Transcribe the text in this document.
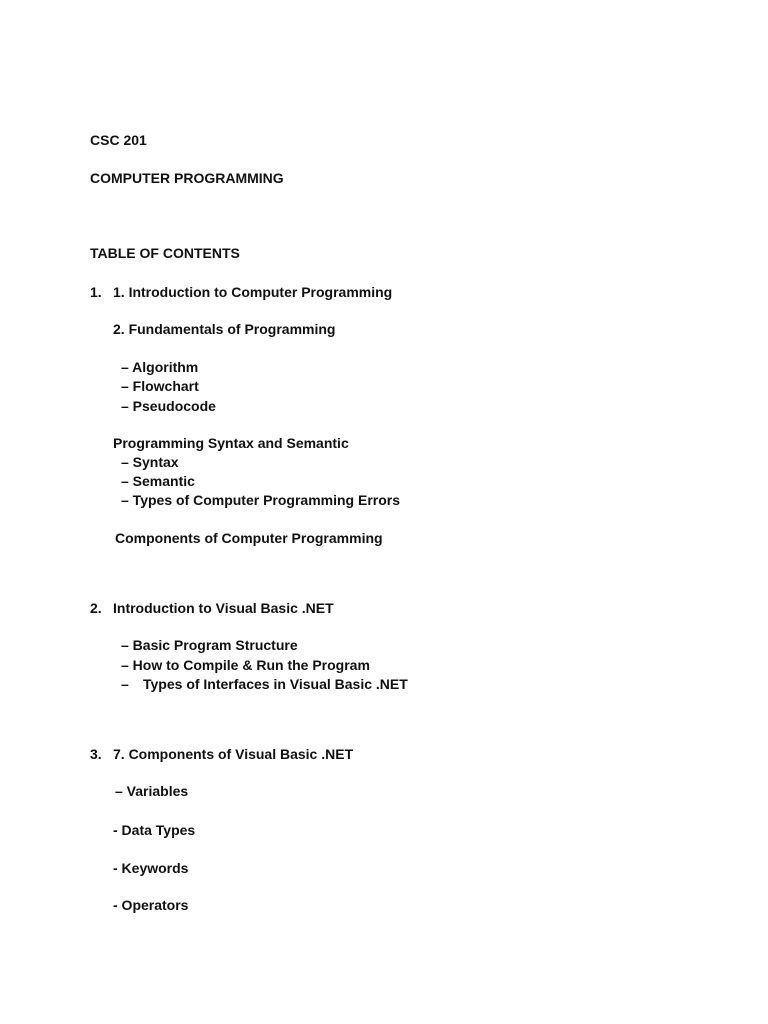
CSC 201
COMPUTER PROGRAMMING
TABLE OF CONTENTS
1. 1. Introduction to Computer Programming
2. Fundamentals of Programming
– Algorithm
– Flowchart
– Pseudocode
Programming Syntax and Semantic
– Syntax
– Semantic
– Types of Computer Programming Errors
Components of Computer Programming
2. Introduction to Visual Basic .NET
– Basic Program Structure
– How to Compile & Run the Program
– Types of Interfaces in Visual Basic .NET
3. 7. Components of Visual Basic .NET
– Variables
- Data Types
- Keywords
- Operators
